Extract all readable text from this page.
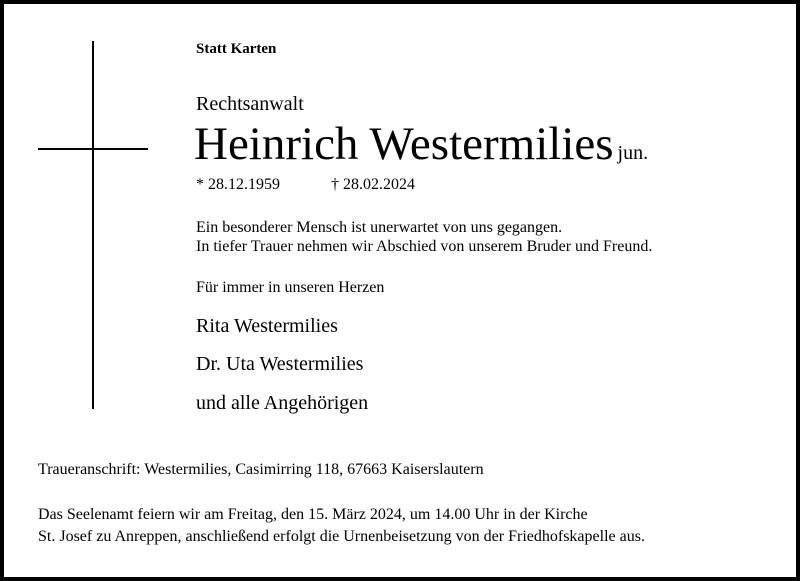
Statt Karten
Rechtsanwalt
Heinrich Westermilies jun.
* 28.12.1959	† 28.02.2024
Ein besonderer Mensch ist unerwartet von uns gegangen.
In tiefer Trauer nehmen wir Abschied von unserem Bruder und Freund.
Für immer in unseren Herzen
Rita Westermilies
Dr. Uta Westermilies
und alle Angehörigen
Traueranschrift: Westermilies, Casimirring 118, 67663 Kaiserslautern
Das Seelenamt feiern wir am Freitag, den 15. März 2024, um 14.00 Uhr in der Kirche
St. Josef zu Anreppen, anschließend erfolgt die Urnenbeisetzung von der Friedhofskapelle aus.
